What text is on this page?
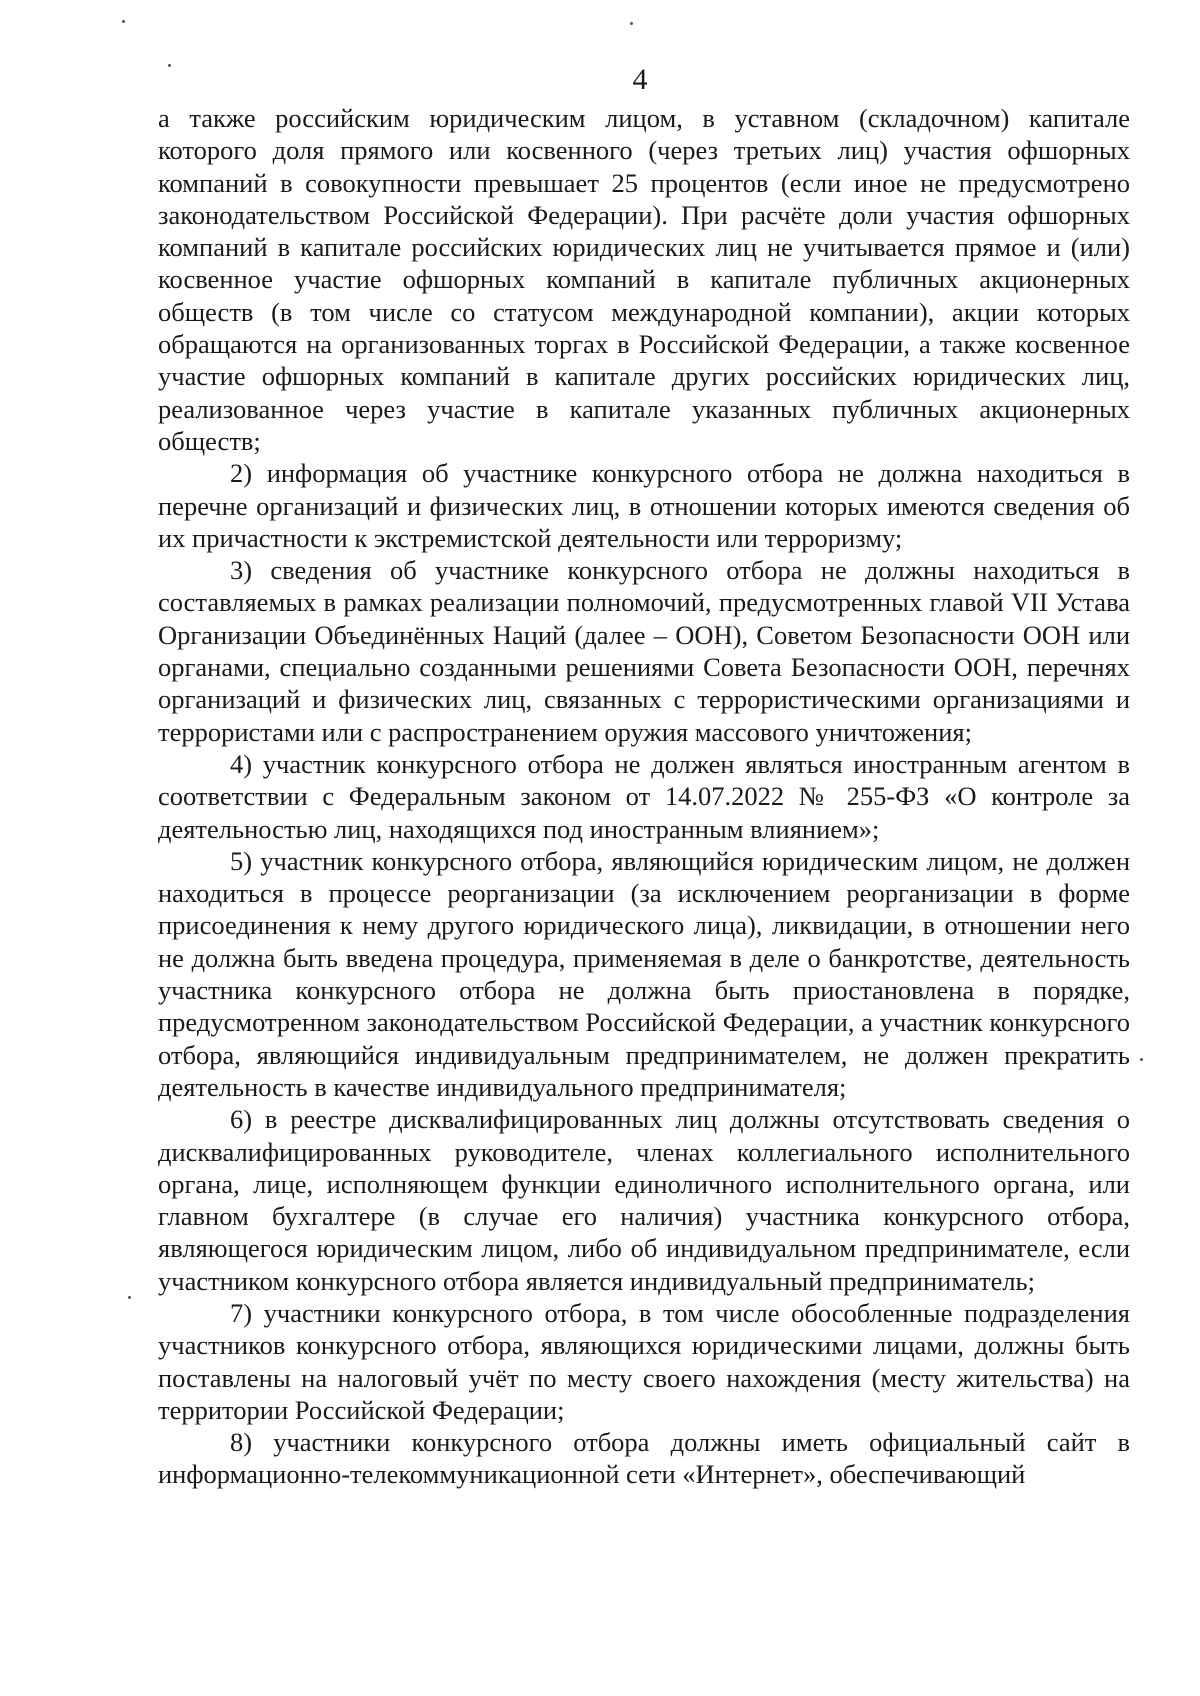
4

а также российским юридическим лицом, в уставном (складочном) капитале которого доля прямого или косвенного (через третьих лиц) участия офшорных компаний в совокупности превышает 25 процентов (если иное не предусмотрено законодательством Российской Федерации). При расчёте доли участия офшорных компаний в капитале российских юридических лиц не учитывается прямое и (или) косвенное участие офшорных компаний в капитале публичных акционерных обществ (в том числе со статусом международной компании), акции которых обращаются на организованных торгах в Российской Федерации, а также косвенное участие офшорных компаний в капитале других российских юридических лиц, реализованное через участие в капитале указанных публичных акционерных обществ;

2) информация об участнике конкурсного отбора не должна находиться в перечне организаций и физических лиц, в отношении которых имеются сведения об их причастности к экстремистской деятельности или терроризму;

3) сведения об участнике конкурсного отбора не должны находиться в составляемых в рамках реализации полномочий, предусмотренных главой VII Устава Организации Объединённых Наций (далее – ООН), Советом Безопасности ООН или органами, специально созданными решениями Совета Безопасности ООН, перечнях организаций и физических лиц, связанных с террористическими организациями и террористами или с распространением оружия массового уничтожения;

4) участник конкурсного отбора не должен являться иностранным агентом в соответствии с Федеральным законом от 14.07.2022 № 255-ФЗ «О контроле за деятельностью лиц, находящихся под иностранным влиянием»;

5) участник конкурсного отбора, являющийся юридическим лицом, не должен находиться в процессе реорганизации (за исключением реорганизации в форме присоединения к нему другого юридического лица), ликвидации, в отношении него не должна быть введена процедура, применяемая в деле о банкротстве, деятельность участника конкурсного отбора не должна быть приостановлена в порядке, предусмотренном законодательством Российской Федерации, а участник конкурсного отбора, являющийся индивидуальным предпринимателем, не должен прекратить деятельность в качестве индивидуального предпринимателя;

6) в реестре дисквалифицированных лиц должны отсутствовать сведения о дисквалифицированных руководителе, членах коллегиального исполнительного органа, лице, исполняющем функции единоличного исполнительного органа, или главном бухгалтере (в случае его наличия) участника конкурсного отбора, являющегося юридическим лицом, либо об индивидуальном предпринимателе, если участником конкурсного отбора является индивидуальный предприниматель;

7) участники конкурсного отбора, в том числе обособленные подразделения участников конкурсного отбора, являющихся юридическими лицами, должны быть поставлены на налоговый учёт по месту своего нахождения (месту жительства) на территории Российской Федерации;

8) участники конкурсного отбора должны иметь официальный сайт в информационно-телекоммуникационной сети «Интернет», обеспечивающий
